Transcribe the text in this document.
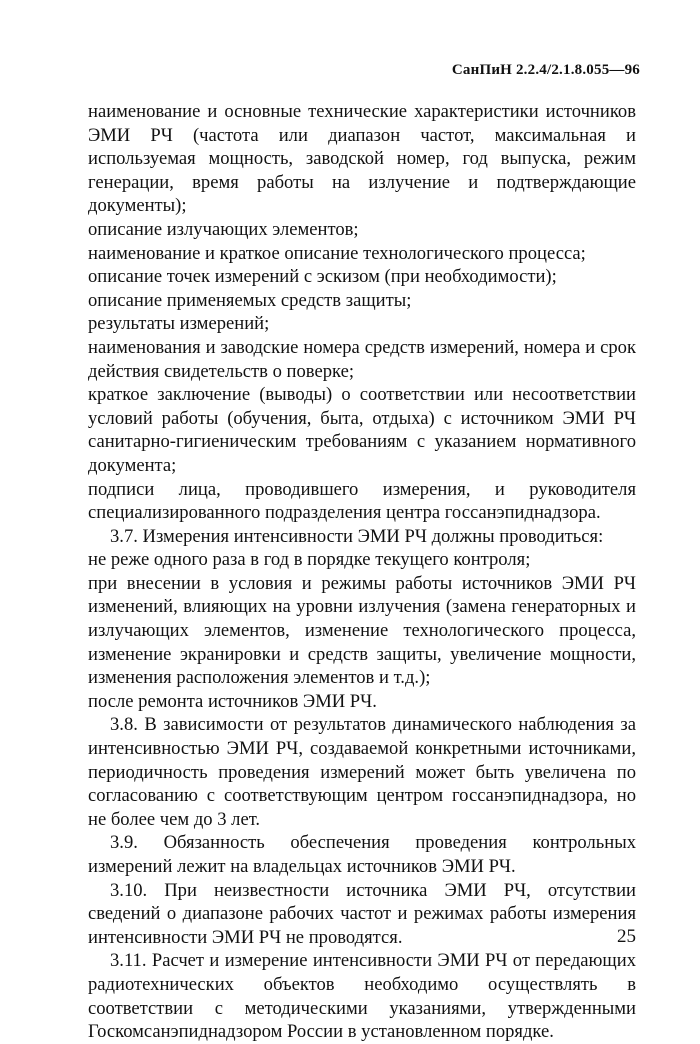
СанПиН 2.2.4/2.1.8.055—96

наименование и основные технические характеристики источников ЭМИ РЧ (частота или диапазон частот, максимальная и используемая мощность, заводской номер, год выпуска, режим генерации, время работы на излучение и подтверждающие документы);

описание излучающих элементов;

наименование и краткое описание технологического процесса;

описание точек измерений с эскизом (при необходимости);

описание применяемых средств защиты;

результаты измерений;

наименования и заводские номера средств измерений, номера и срок действия свидетельств о поверке;

краткое заключение (выводы) о соответствии или несоответствии условий работы (обучения, быта, отдыха) с источником ЭМИ РЧ санитарно-гигиеническим требованиям с указанием нормативного документа;

подписи лица, проводившего измерения, и руководителя специализированного подразделения центра госсанэпиднадзора.

3.7. Измерения интенсивности ЭМИ РЧ должны проводиться:

не реже одного раза в год в порядке текущего контроля;

при внесении в условия и режимы работы источников ЭМИ РЧ изменений, влияющих на уровни излучения (замена генераторных и излучающих элементов, изменение технологического процесса, изменение экранировки и средств защиты, увеличение мощности, изменения расположения элементов и т.д.);

после ремонта источников ЭМИ РЧ.

3.8. В зависимости от результатов динамического наблюдения за интенсивностью ЭМИ РЧ, создаваемой конкретными источниками, периодичность проведения измерений может быть увеличена по согласованию с соответствующим центром госсанэпиднадзора, но не более чем до 3 лет.

3.9. Обязанность обеспечения проведения контрольных измерений лежит на владельцах источников ЭМИ РЧ.

3.10. При неизвестности источника ЭМИ РЧ, отсутствии сведений о диапазоне рабочих частот и режимах работы измерения интенсивности ЭМИ РЧ не проводятся.

3.11. Расчет и измерение интенсивности ЭМИ РЧ от передающих радиотехнических объектов необходимо осуществлять в соответствии с методическими указаниями, утвержденными Госкомсанэпиднадзором России в установленном порядке.

25
